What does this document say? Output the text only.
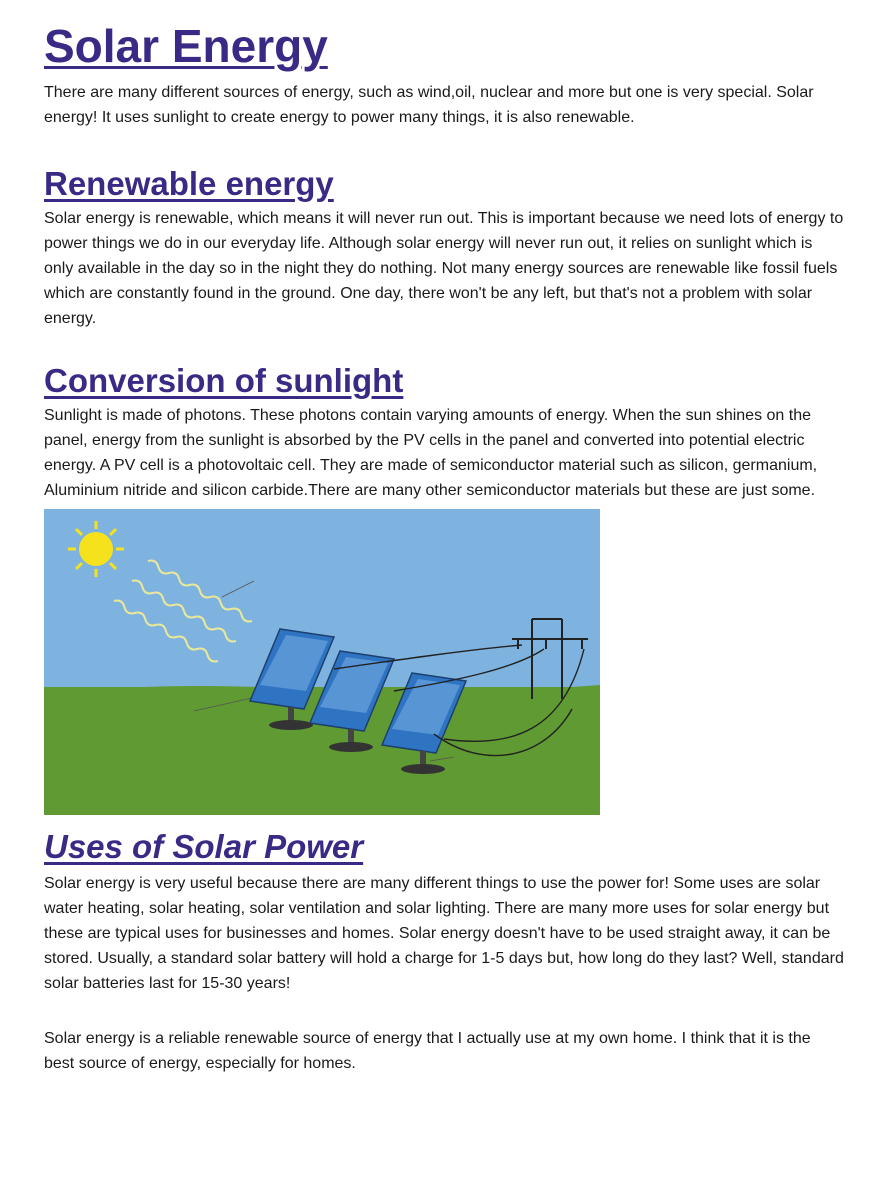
Solar Energy

There are many different sources of energy, such as wind,oil, nuclear and more but one is very special. Solar energy! It uses sunlight to create energy to power many things, it is also renewable.

Renewable energy

Solar energy is renewable, which means it will never run out. This is important because we need lots of energy to power things we do in our everyday life. Although solar energy will never run out, it relies on sunlight which is only available in the day so in the night they do nothing. Not many energy sources are renewable like fossil fuels which are constantly found in the ground. One day, there won't be any left, but that's not a problem with solar energy.

Conversion of sunlight

Sunlight is made of photons. These photons contain varying amounts of energy. When the sun shines on the panel, energy from the sunlight is absorbed by the PV cells in the panel and converted into potential electric energy. A PV cell is a photovoltaic cell. They are made of semiconductor material such as silicon, germanium, Aluminium nitride and silicon carbide.There are many other semiconductor materials but these are just some.

Uses of Solar Power

Solar energy is very useful because there are many different things to use the power for! Some uses are solar water heating, solar heating, solar ventilation and solar lighting. There are many more uses for solar energy but these are typical uses for businesses and homes. Solar energy doesn't have to be used straight away, it can be stored. Usually, a standard solar battery will hold a charge for 1-5 days but, how long do they last? Well, standard solar batteries last for 15-30 years!

Solar energy is a reliable renewable source of energy that I actually use at my own home. I think that it is the best source of energy, especially for homes.
